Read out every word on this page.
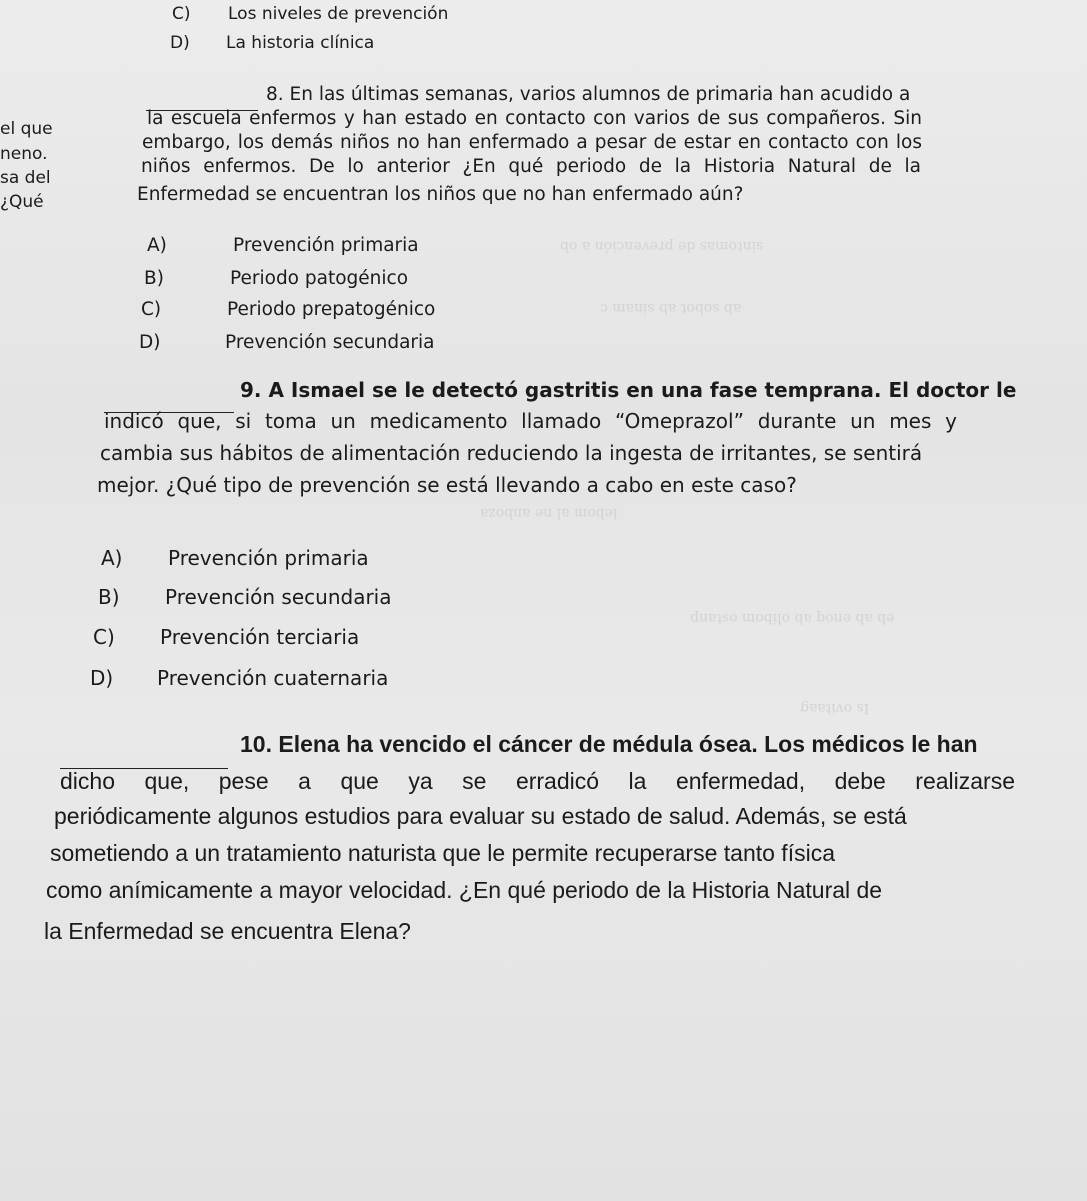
sintomas de prevención a ob
ab sobot ab sinam c
lebom al ne anboza
eb ab enoq ab olibom ostanp
Is ovitaag
C) Los niveles de prevención
D) La historia clínica
el que
neno.
sa del
¿Qué
8. En las últimas semanas, varios alumnos de primaria han acudido a
la escuela enfermos y han estado en contacto con varios de sus compañeros. Sin
embargo, los demás niños no han enfermado a pesar de estar en contacto con los
niños enfermos. De lo anterior ¿En qué periodo de la Historia Natural de la
Enfermedad se encuentran los niños que no han enfermado aún?
A)	Prevención primaria
B)	Periodo patogénico
C)	Periodo prepatogénico
D)	Prevención secundaria
9. A Ismael se le detectó gastritis en una fase temprana. El doctor le
indicó que, si toma un medicamento llamado “Omeprazol” durante un mes y
cambia sus hábitos de alimentación reduciendo la ingesta de irritantes, se sentirá
mejor. ¿Qué tipo de prevención se está llevando a cabo en este caso?
A) Prevención primaria
B) Prevención secundaria
C) Prevención terciaria
D) Prevención cuaternaria
10. Elena ha vencido el cáncer de médula ósea. Los médicos le han
dicho que, pese a que ya se erradicó la enfermedad, debe realizarse
periódicamente algunos estudios para evaluar su estado de salud. Además, se está
sometiendo a un tratamiento naturista que le permite recuperarse tanto física
como anímicamente a mayor velocidad. ¿En qué periodo de la Historia Natural de
la Enfermedad se encuentra Elena?
